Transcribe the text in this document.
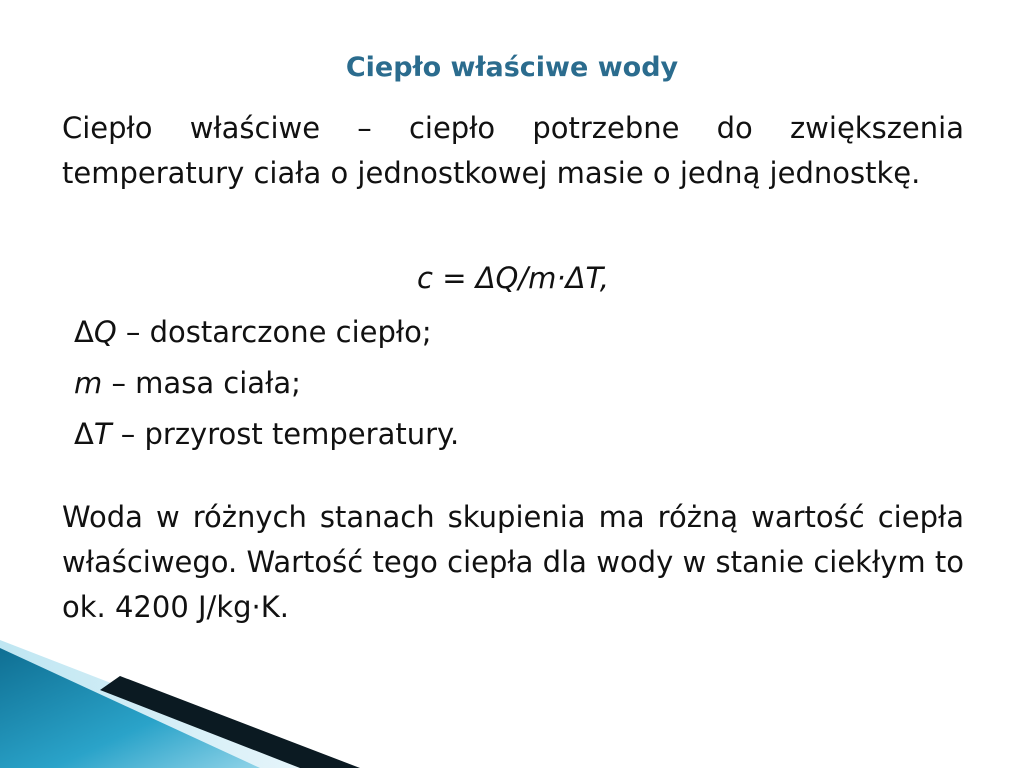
Ciepło właściwe wody

Ciepło właściwe – ciepło potrzebne do zwiększenia temperatury ciała o jednostkowej masie o jedną jednostkę.

c = ΔQ/m·ΔT,

ΔQ – dostarczone ciepło;

m – masa ciała;

ΔT – przyrost temperatury.

Woda w różnych stanach skupienia ma różną wartość ciepła właściwego. Wartość tego ciepła dla wody w stanie ciekłym to ok. 4200 J/kg·K.
